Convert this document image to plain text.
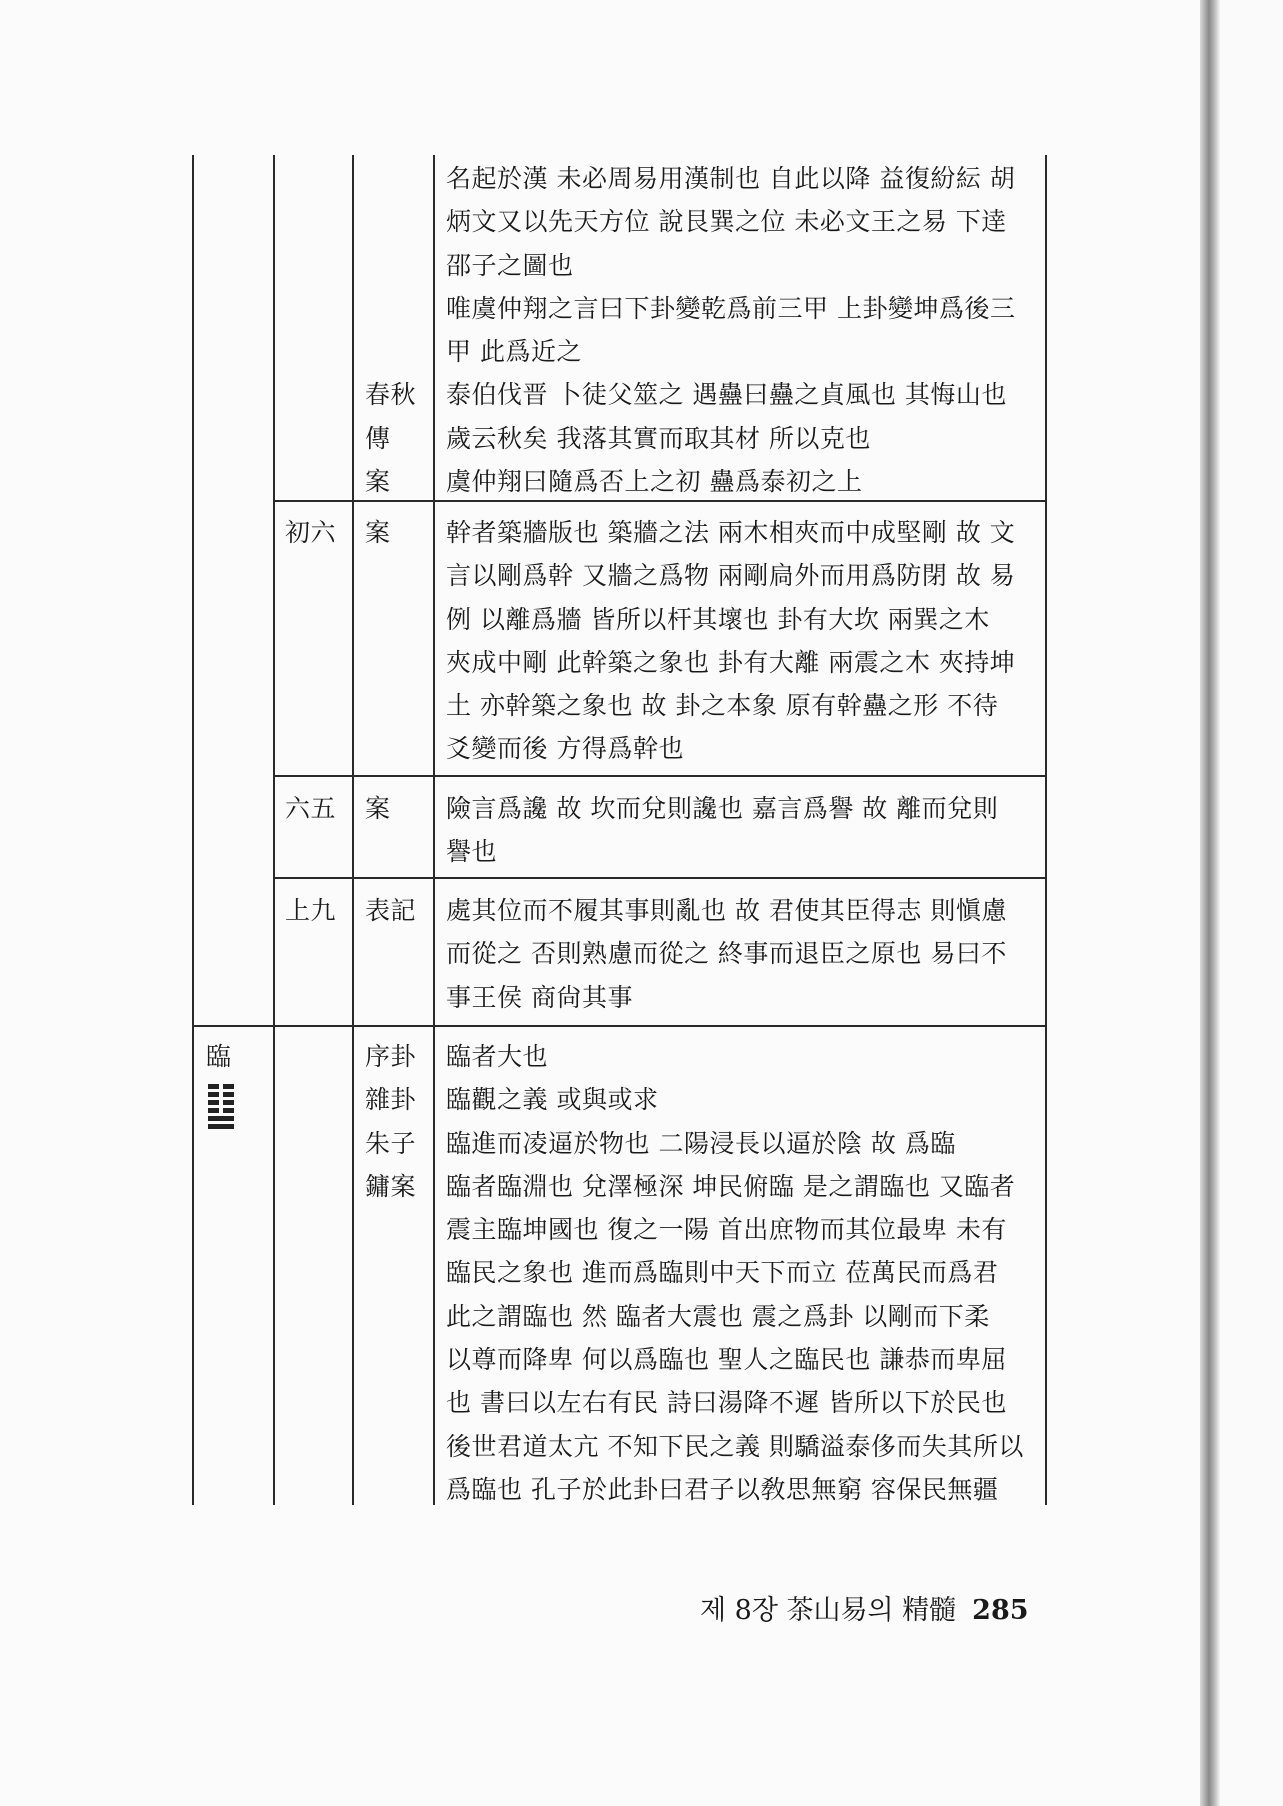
春秋
傳
案
名起於漢 未必周易用漢制也 自此以降 益復紛紜 胡
炳文又以先天方位 說艮巽之位 未必文王之易 下逹
邵子之圖也
唯虞仲翔之言曰下卦變乾爲前三甲 上卦變坤爲後三
甲 此爲近之
泰伯伐晋 卜徒父筮之 遇蠱曰蠱之貞風也 其悔山也
歲云秋矣 我落其實而取其材 所以克也
虞仲翔曰隨爲否上之初 蠱爲泰初之上
初六 案 幹者築牆版也 築牆之法 兩木相夾而中成堅剛 故 文
言以剛爲幹 又牆之爲物 兩剛扃外而用爲防閉 故 易
例 以離爲牆 皆所以杆其壞也 卦有大坎 兩巽之木
夾成中剛 此幹築之象也 卦有大離 兩震之木 夾持坤
土 亦幹築之象也 故 卦之本象 原有幹蠱之形 不待
爻變而後 方得爲幹也
六五 案 險言爲讒 故 坎而兌則讒也 嘉言爲譽 故 離而兌則
譽也
上九 表記 處其位而不履其事則亂也 故 君使其臣得志 則愼慮
而從之 否則熟慮而從之 終事而退臣之原也 易曰不
事王侯 商尙其事
臨	序卦
雜卦
朱子
鏞案
臨者大也
臨觀之義 或與或求
臨進而凌逼於物也 二陽浸長以逼於陰 故 爲臨
臨者臨淵也 兌澤極深 坤民俯臨 是之謂臨也 又臨者
震主臨坤國也 復之一陽 首出庶物而其位最卑 未有
臨民之象也 進而爲臨則中天下而立 莅萬民而爲君
此之謂臨也 然 臨者大震也 震之爲卦 以剛而下柔
以尊而降卑 何以爲臨也 聖人之臨民也 謙恭而卑屈
也 書曰以左右有民 詩曰湯降不遲 皆所以下於民也
後世君道太亢 不知下民之義 則驕溢泰侈而失其所以
爲臨也 孔子於此卦曰君子以敎思無窮 容保民無疆
제 8장 茶山易의 精髓 285
